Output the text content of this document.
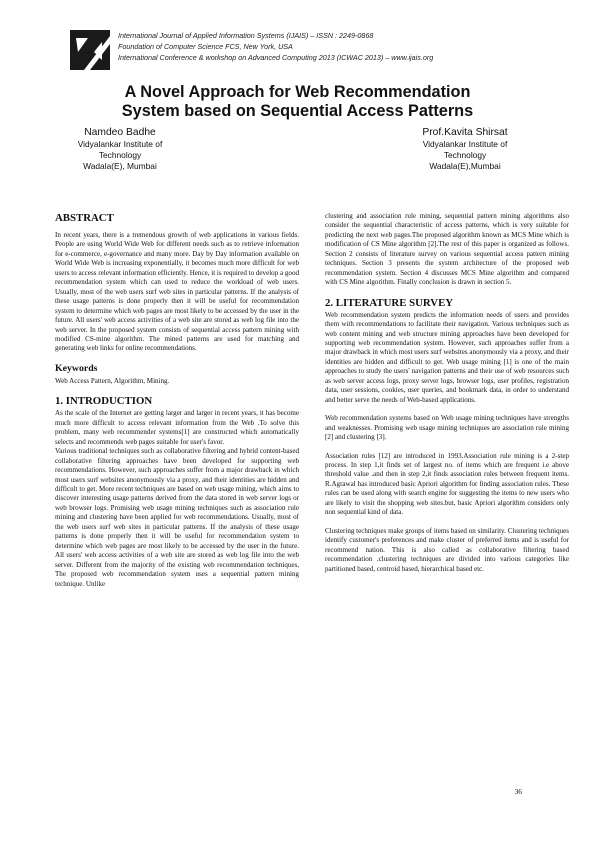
International Journal of Applied Information Systems (IJAIS) – ISSN : 2249-0868
Foundation of Computer Science FCS, New York, USA
International Conference & workshop on Advanced Computing 2013 (ICWAC 2013) – www.ijais.org
A Novel Approach for Web Recommendation
System based on Sequential Access Patterns
Namdeo Badhe
Vidyalankar Institute of
Technology
Wadala(E), Mumbai
Prof.Kavita Shirsat
Vidyalankar Institute of
Technology
Wadala(E),Mumbai
ABSTRACT

In recent years, there is a tremendous growth of web applications in various fields. People are using World Wide Web for different needs such as to retrieve information for e-commerce, e-governance and many more. Day by Day information available on World Wide Web is increasing exponentially, it becomes much more difficult for web users to access relevant information efficiently. Hence, it is required to develop a good recommendation system which can used to reduce the workload of web users. Usually, most of the web users surf web sites in particular patterns. If the analysis of these usage patterns is done properly then it will be useful for recommendation system to determine which web pages are most likely to be accessed by the user in the future. All users' web access activities of a web site are stored as web log file into the web server. In the proposed system consists of sequential access pattern mining with modified CS-mine algorithm. The mined patterns are used for matching and generating web links for online recommendations.

Keywords

Web Access Pattern, Algorithm, Mining.

1. INTRODUCTION

As the scale of the Internet are getting larger and larger in recent years, it has become much more difficult to access relevant information from the Web .To solve this problem, many web recommender systems[1] are constructed which automatically selects and recommends web pages suitable for user's favor.

Various traditional techniques such as collaborative filtering and hybrid content-based collaborative filtering approaches have been developed for supporting web recommendations. However, such approaches suffer from a major drawback in which most users surf websites anonymously via a proxy, and their identities are hidden and difficult to get. More recent techniques are based on web usage mining, which aims to discover interesting usage patterns derived from the data stored in web server logs or web browser logs. Promising web usage mining techniques such as association rule mining and clustering have been applied for web recommendations. Usually, most of the web users surf web sites in particular patterns. If the analysis of these usage patterns is done properly then it will be useful for recommendation system to determine which web pages are most likely to be accessed by the user in the future. All users' web access activities of a web site are stored as web log file into the web server. Different from the majority of the existing web recommendation techniques, The proposed web recommendation system uses a sequential pattern mining technique. Unlike

clustering and association rule mining, sequential pattern mining algorithms also consider the sequential characteristic of access patterns, which is very suitable for predicting the next web pages.The proposed algorithm known as MCS Mine which is modification of CS Mine algorithm [2].The rest of this paper is organized as follows. Section 2 consists of literature survey on various sequential access pattern mining techniques. Section 3 presents the system architecture of the proposed web recommendation system. Section 4 discusses MCS Mine algorithm and compared with CS Mine algorithm. Finally conclusion is drawn in section 5.

2. LITERATURE SURVEY

Web recommendation system predicts the information needs of users and provides them with recommendations to facilitate their navigation. Various techniques such as web content mining and web structure mining approaches have been developed for supporting web recommendation system. However, such approaches suffer from a major drawback in which most users surf websites anonymously via a proxy, and their identities are hidden and difficult to get. Web usage mining [1] is one of the main approaches to study the users' navigation patterns and their use of web resources such as web server access logs, proxy server logs, browser logs, user profiles, registration data, user sessions, cookies, user queries, and bookmark data, in order to understand and better serve the needs of Web-based applications.

Web recommendation systems based on Web usage mining techniques have strengths and weaknesses. Promising web usage mining techniques are association rule mining [2] and clustering [3].

Association rules [12] are introduced in 1993.Association rule mining is a 2-step process. In step 1,it finds set of largest no. of items which are frequent i.e above threshold value .and then in step 2,it finds association rules between frequent items. R.Agrawal has introduced basic Apriori algorithm for finding association rules. These rules can be used along with search engine for suggesting the items to new users who are likely to visit the shopping web sites.but, basic Apriori algorithm considers only non sequential kind of data.

Clustering techniques make groups of items based on similarity. Clustering techniques identify customer's preferences and make cluster of preferred items and is useful for recommend nation. This is also called as collaborative filtering based recommendation .clustering techniques are divided into various categories like partitioned based, centroid based, hierarchical based etc.

36
